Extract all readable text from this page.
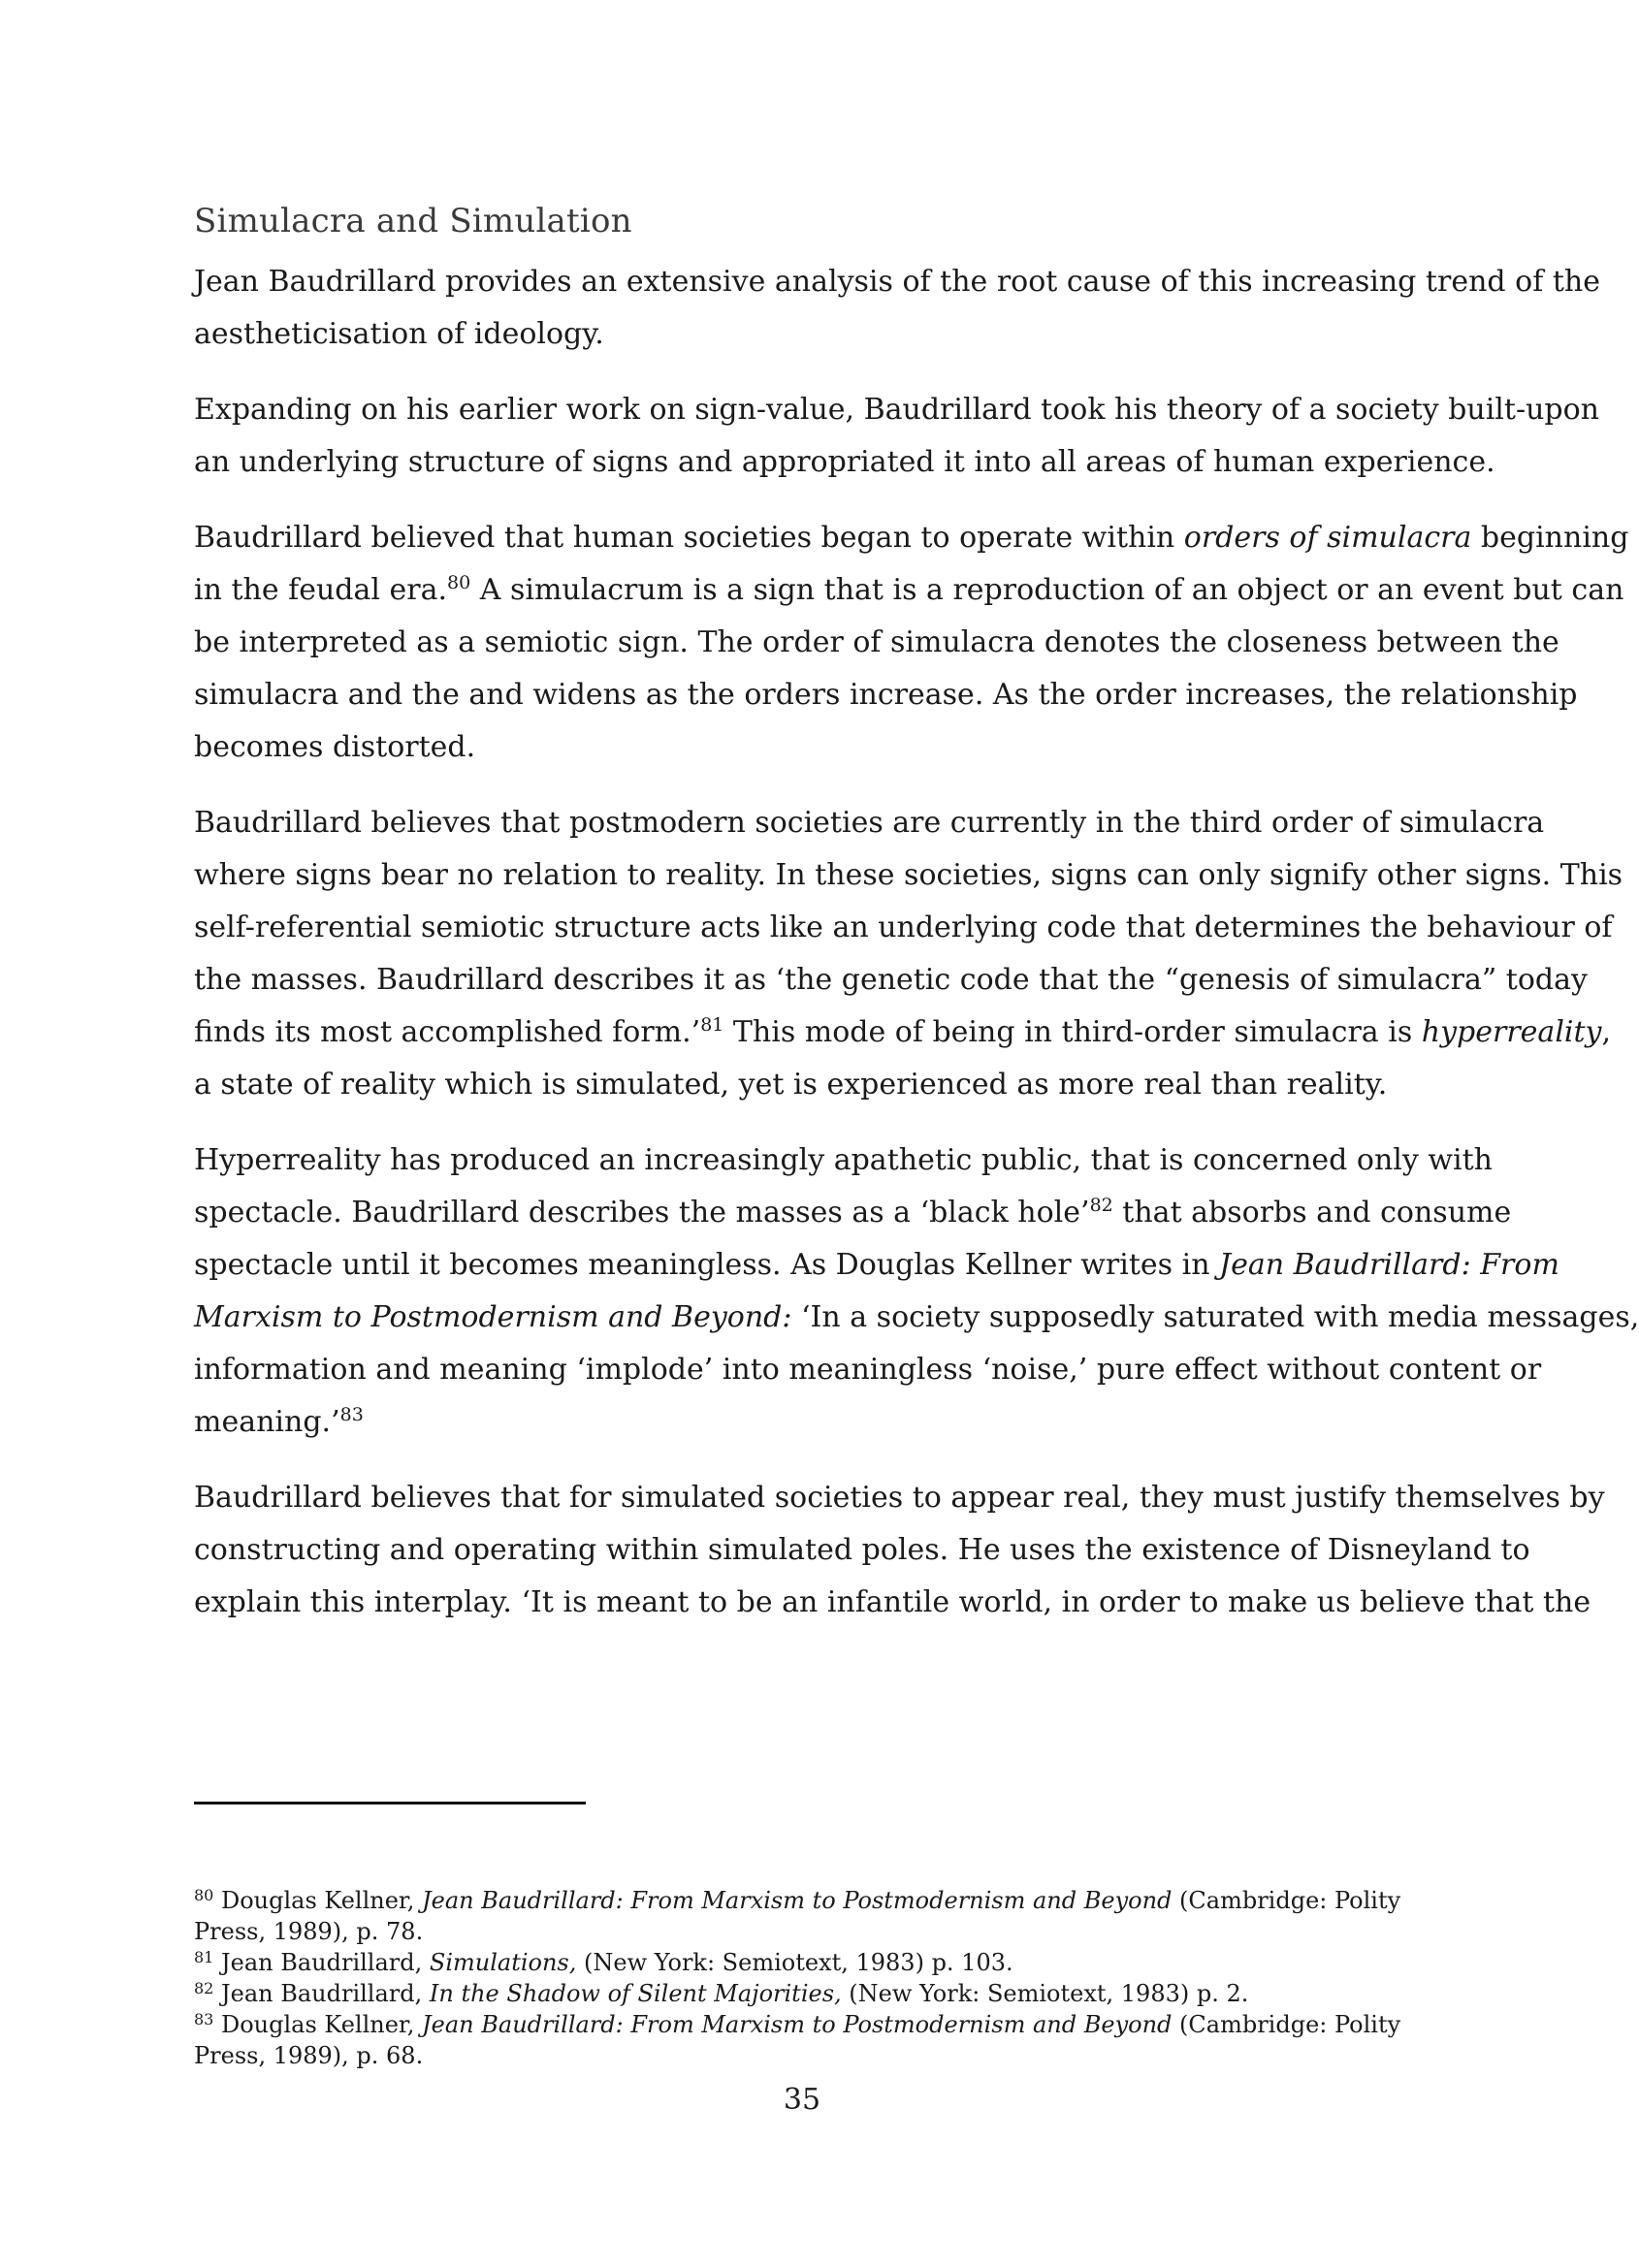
Simulacra and Simulation

Jean Baudrillard provides an extensive analysis of the root cause of this increasing trend of the
aestheticisation of ideology.

Expanding on his earlier work on sign-value, Baudrillard took his theory of a society built-upon
an underlying structure of signs and appropriated it into all areas of human experience.

Baudrillard believed that human societies began to operate within orders of simulacra beginning
in the feudal era.$^{80}$ A simulacrum is a sign that is a reproduction of an object or an event but can
be interpreted as a semiotic sign. The order of simulacra denotes the closeness between the
simulacra and the and widens as the orders increase. As the order increases, the relationship
becomes distorted.

Baudrillard believes that postmodern societies are currently in the third order of simulacra
where signs bear no relation to reality. In these societies, signs can only signify other signs. This
self-referential semiotic structure acts like an underlying code that determines the behaviour of
the masses. Baudrillard describes it as ‘the genetic code that the “genesis of simulacra” today
finds its most accomplished form.’$^{81}$ This mode of being in third-order simulacra is hyperreality,
a state of reality which is simulated, yet is experienced as more real than reality.

Hyperreality has produced an increasingly apathetic public, that is concerned only with
spectacle. Baudrillard describes the masses as a ‘black hole’$^{82}$ that absorbs and consume
spectacle until it becomes meaningless. As Douglas Kellner writes in Jean Baudrillard: From
Marxism to Postmodernism and Beyond: ‘In a society supposedly saturated with media messages,
information and meaning ‘implode’ into meaningless ‘noise,’ pure effect without content or
meaning.’$^{83}$

Baudrillard believes that for simulated societies to appear real, they must justify themselves by
constructing and operating within simulated poles. He uses the existence of Disneyland to
explain this interplay. ‘It is meant to be an infantile world, in order to make us believe that the

$^{80}$ Douglas Kellner, Jean Baudrillard: From Marxism to Postmodernism and Beyond (Cambridge: Polity
Press, 1989), p. 78.

$^{81}$ Jean Baudrillard, Simulations, (New York: Semiotext, 1983) p. 103.

$^{82}$ Jean Baudrillard, In the Shadow of Silent Majorities, (New York: Semiotext, 1983) p. 2.

$^{83}$ Douglas Kellner, Jean Baudrillard: From Marxism to Postmodernism and Beyond (Cambridge: Polity
Press, 1989), p. 68.

35
